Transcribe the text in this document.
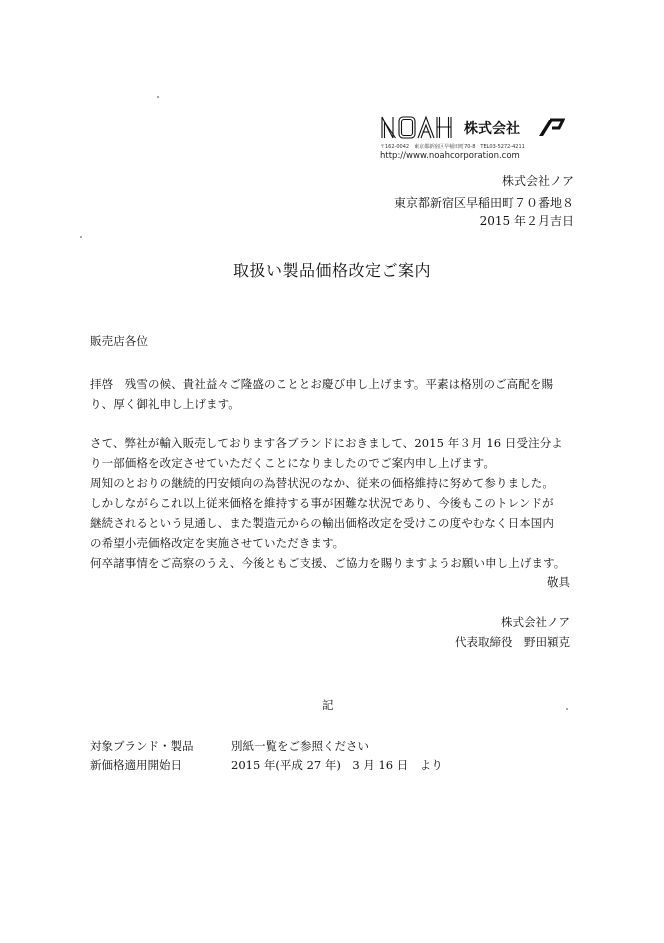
株式会社
〒162-0042　東京都新宿区早稲田町70-8　TEL03-5272-4211
http://www.noahcorporation.com
株式会社ノア
東京都新宿区早稲田町７０番地８
2015 年２月吉日
取扱い製品価格改定ご案内
販売店各位
拝啓　残雪の候、貴社益々ご隆盛のこととお慶び申し上げます。平素は格別のご高配を賜
り、厚く御礼申し上げます。
さて、弊社が輸入販売しております各ブランドにおきまして、2015 年３月 16 日受注分よ
り一部価格を改定させていただくことになりましたのでご案内申し上げます。
周知のとおりの継続的円安傾向の為替状況のなか、従来の価格維持に努めて参りました。
しかしながらこれ以上従来価格を維持する事が困難な状況であり、今後もこのトレンドが
継続されるという見通し、また製造元からの輸出価格改定を受けこの度やむなく日本国内
の希望小売価格改定を実施させていただきます。
何卒諸事情をご高察のうえ、今後ともご支援、ご協力を賜りますようお願い申し上げます。
敬具
株式会社ノア
代表取締役　野田潁克
記
対象ブランド・製品	別紙一覧をご参照ください
新価格適用開始日	2015 年(平成 27 年)　3 月 16 日　より
